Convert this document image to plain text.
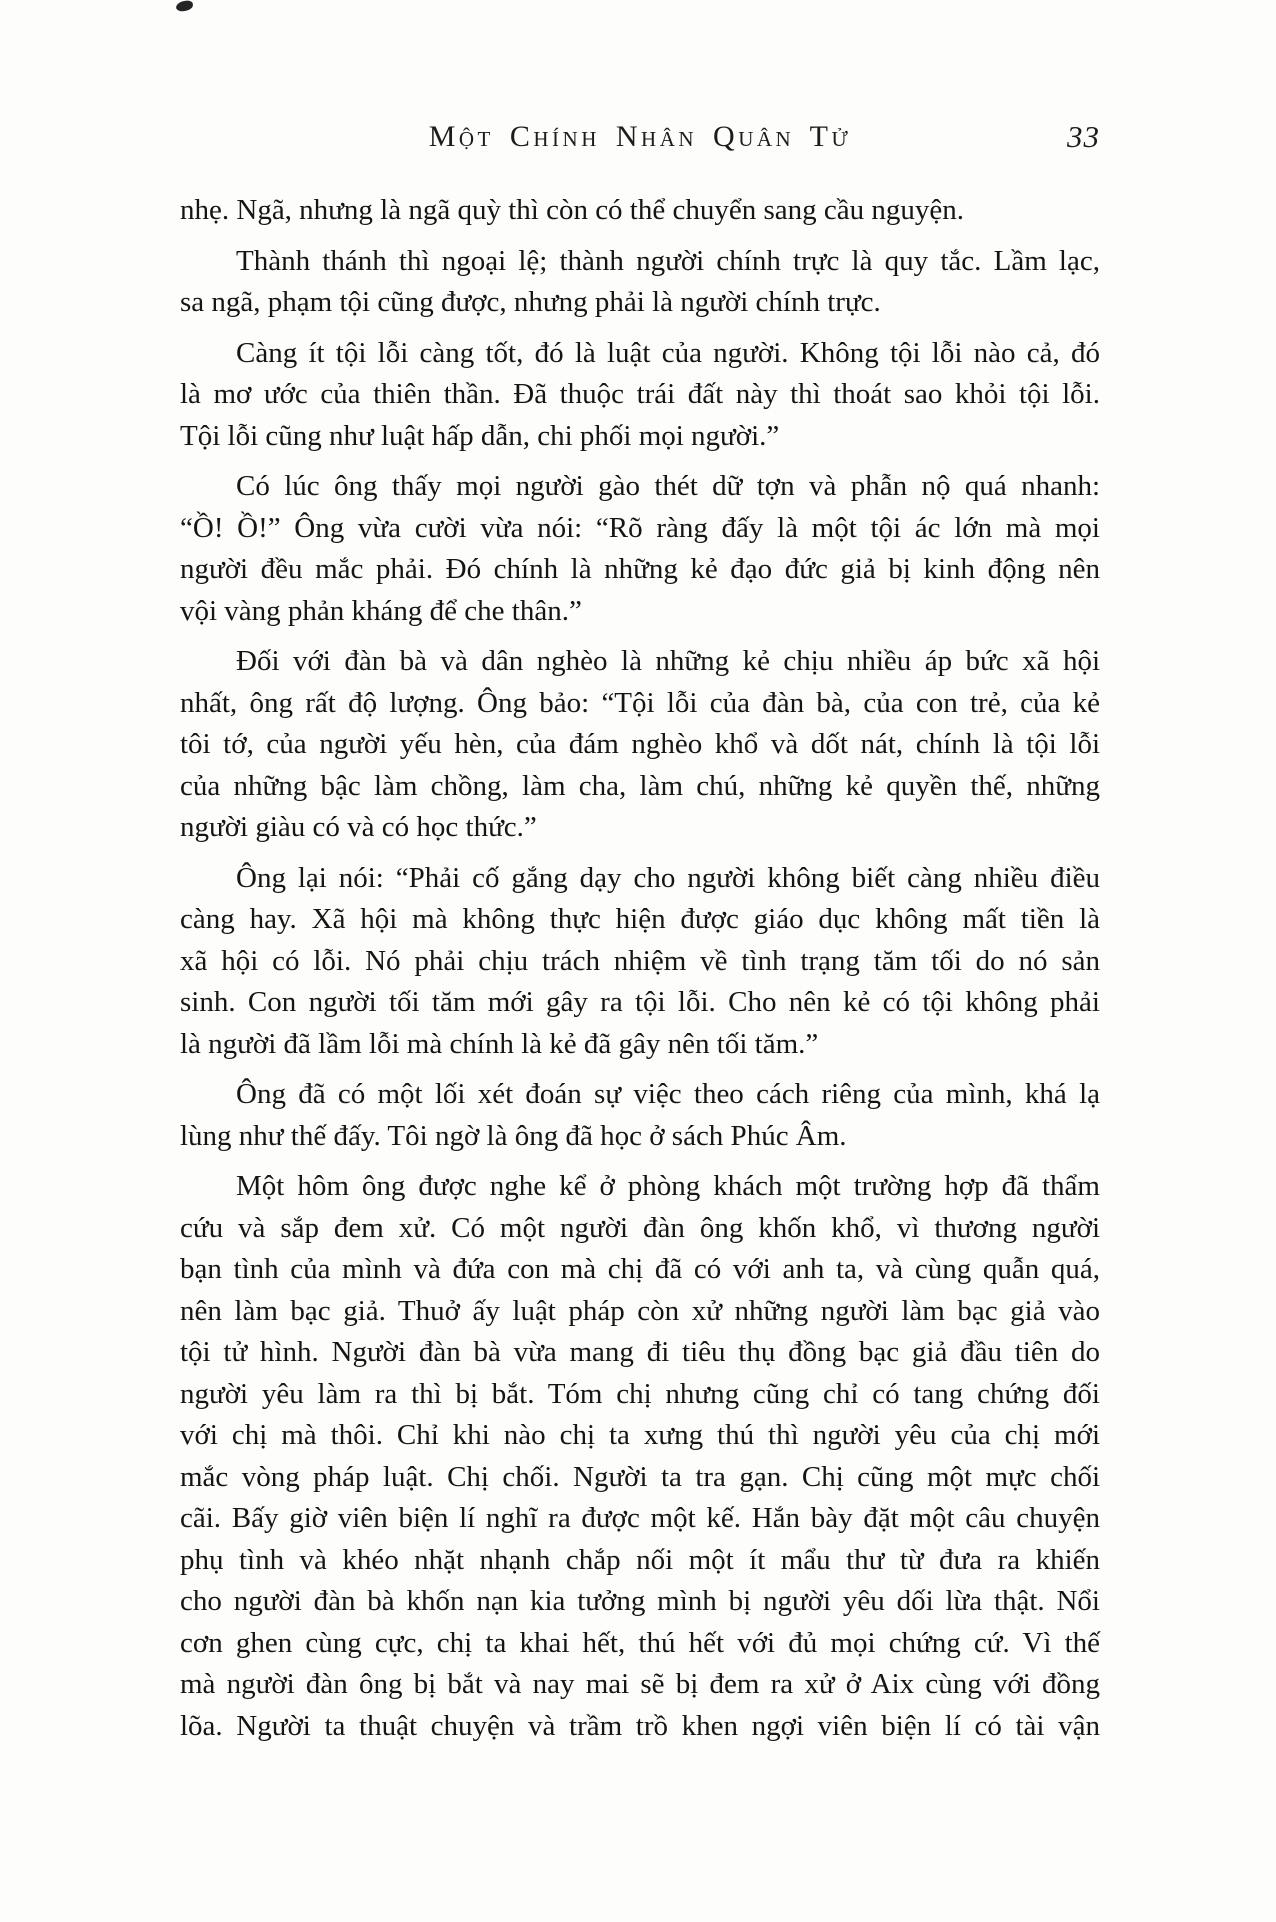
Một Chính Nhân Quân Tử	33
nhẹ. Ngã, nhưng là ngã quỳ thì còn có thể chuyển sang cầu nguyện.
Thành thánh thì ngoại lệ; thành người chính trực là quy tắc. Lầm lạc,
sa ngã, phạm tội cũng được, nhưng phải là người chính trực.
Càng ít tội lỗi càng tốt, đó là luật của người. Không tội lỗi nào cả, đó
là mơ ước của thiên thần. Đã thuộc trái đất này thì thoát sao khỏi tội lỗi.
Tội lỗi cũng như luật hấp dẫn, chi phối mọi người.”
Có lúc ông thấy mọi người gào thét dữ tợn và phẫn nộ quá nhanh:
“Ồ! Ồ!” Ông vừa cười vừa nói: “Rõ ràng đấy là một tội ác lớn mà mọi
người đều mắc phải. Đó chính là những kẻ đạo đức giả bị kinh động nên
vội vàng phản kháng để che thân.”
Đối với đàn bà và dân nghèo là những kẻ chịu nhiều áp bức xã hội
nhất, ông rất độ lượng. Ông bảo: “Tội lỗi của đàn bà, của con trẻ, của kẻ
tôi tớ, của người yếu hèn, của đám nghèo khổ và dốt nát, chính là tội lỗi
của những bậc làm chồng, làm cha, làm chú, những kẻ quyền thế, những
người giàu có và có học thức.”
Ông lại nói: “Phải cố gắng dạy cho người không biết càng nhiều điều
càng hay. Xã hội mà không thực hiện được giáo dục không mất tiền là
xã hội có lỗi. Nó phải chịu trách nhiệm về tình trạng tăm tối do nó sản
sinh. Con người tối tăm mới gây ra tội lỗi. Cho nên kẻ có tội không phải
là người đã lầm lỗi mà chính là kẻ đã gây nên tối tăm.”
Ông đã có một lối xét đoán sự việc theo cách riêng của mình, khá lạ
lùng như thế đấy. Tôi ngờ là ông đã học ở sách Phúc Âm.
Một hôm ông được nghe kể ở phòng khách một trường hợp đã thẩm
cứu và sắp đem xử. Có một người đàn ông khốn khổ, vì thương người
bạn tình của mình và đứa con mà chị đã có với anh ta, và cùng quẫn quá,
nên làm bạc giả. Thuở ấy luật pháp còn xử những người làm bạc giả vào
tội tử hình. Người đàn bà vừa mang đi tiêu thụ đồng bạc giả đầu tiên do
người yêu làm ra thì bị bắt. Tóm chị nhưng cũng chỉ có tang chứng đối
với chị mà thôi. Chỉ khi nào chị ta xưng thú thì người yêu của chị mới
mắc vòng pháp luật. Chị chối. Người ta tra gạn. Chị cũng một mực chối
cãi. Bấy giờ viên biện lí nghĩ ra được một kế. Hắn bày đặt một câu chuyện
phụ tình và khéo nhặt nhạnh chắp nối một ít mẩu thư từ đưa ra khiến
cho người đàn bà khốn nạn kia tưởng mình bị người yêu dối lừa thật. Nổi
cơn ghen cùng cực, chị ta khai hết, thú hết với đủ mọi chứng cứ. Vì thế
mà người đàn ông bị bắt và nay mai sẽ bị đem ra xử ở Aix cùng với đồng
lõa. Người ta thuật chuyện và trầm trồ khen ngợi viên biện lí có tài vận
